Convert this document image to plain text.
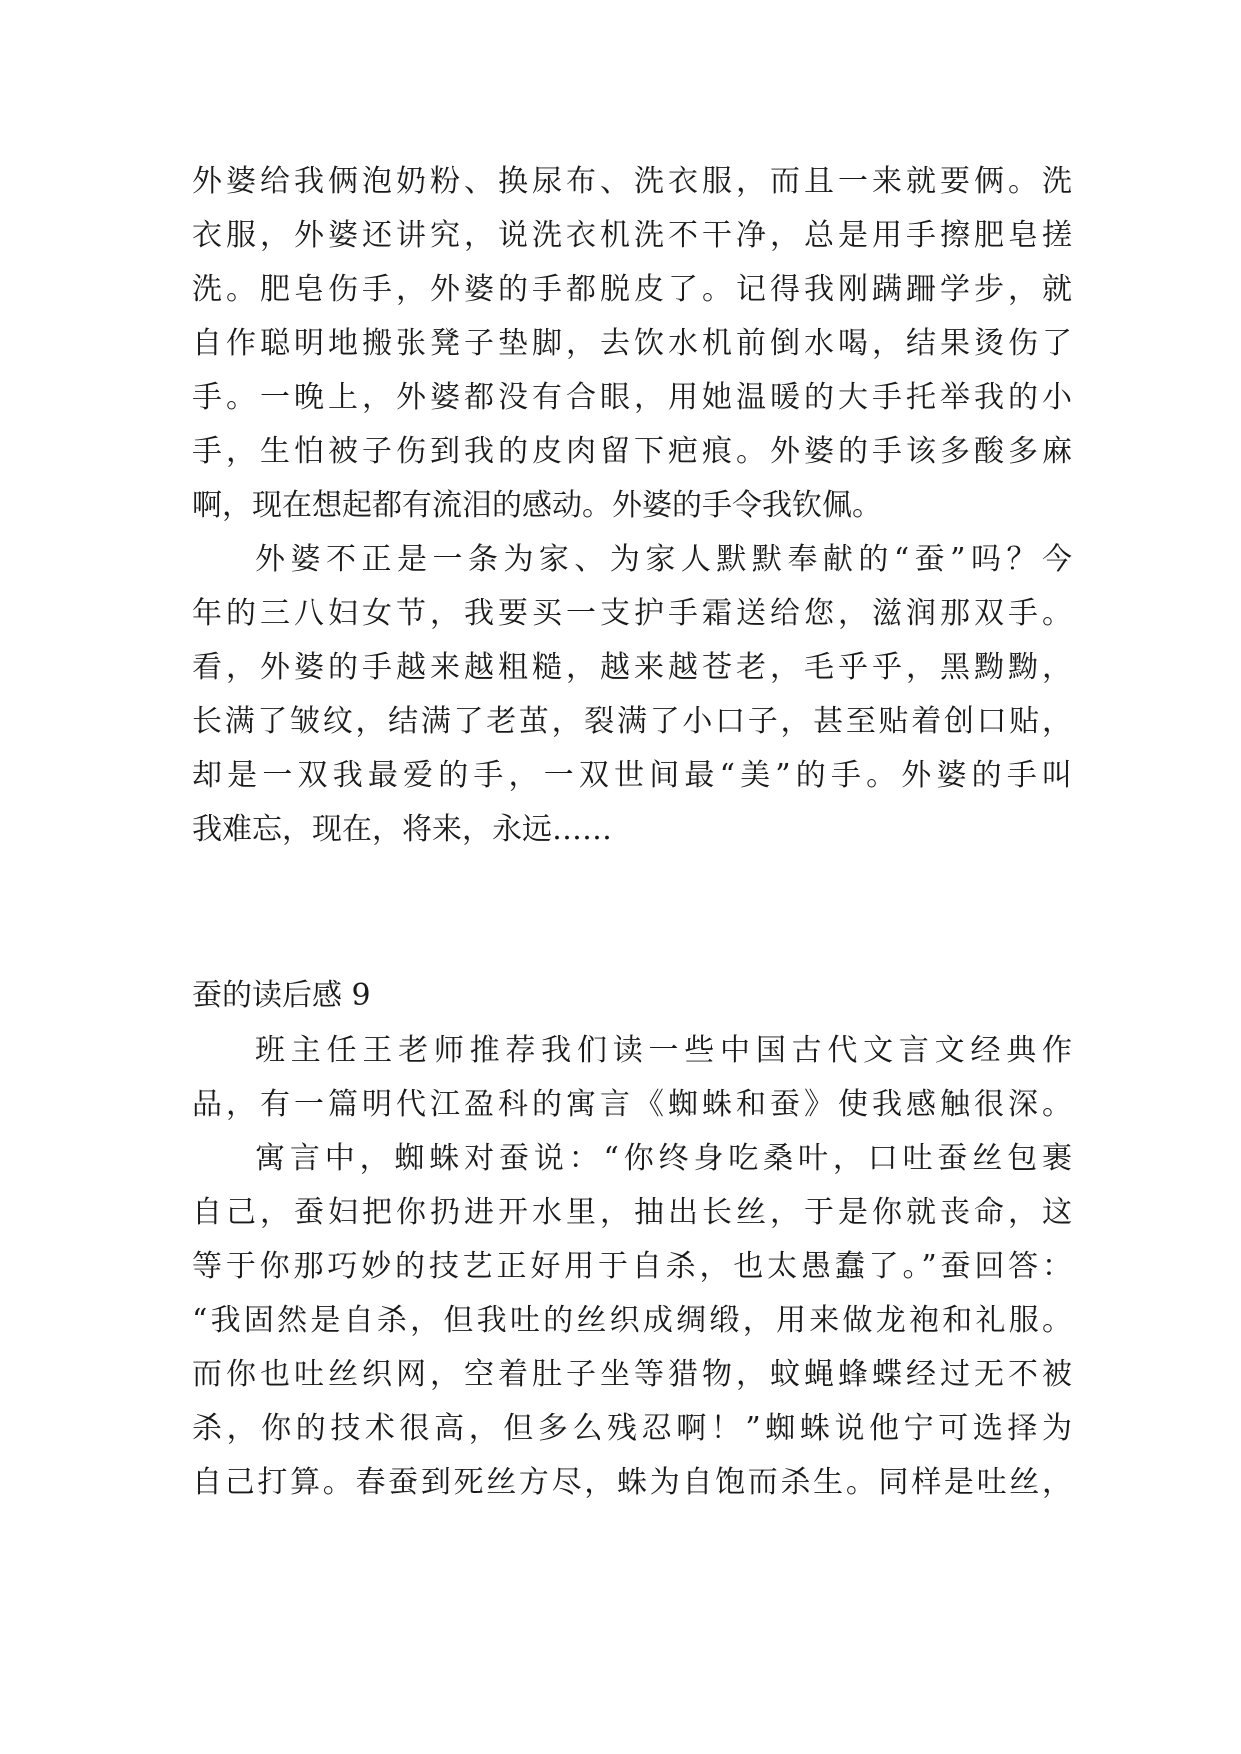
外婆给我俩泡奶粉、换尿布、洗衣服，而且一来就要俩。洗
衣服，外婆还讲究，说洗衣机洗不干净，总是用手擦肥皂搓
洗。肥皂伤手，外婆的手都脱皮了。记得我刚蹒跚学步，就
自作聪明地搬张凳子垫脚，去饮水机前倒水喝，结果烫伤了
手。一晚上，外婆都没有合眼，用她温暖的大手托举我的小
手，生怕被子伤到我的皮肉留下疤痕。外婆的手该多酸多麻
啊，现在想起都有流泪的感动。外婆的手令我钦佩。
外婆不正是一条为家、为家人默默奉献的“蚕”吗？今
年的三八妇女节，我要买一支护手霜送给您，滋润那双手。
看，外婆的手越来越粗糙，越来越苍老，毛乎乎，黑黝黝，
长满了皱纹，结满了老茧，裂满了小口子，甚至贴着创口贴，
却是一双我最爱的手，一双世间最“美”的手。外婆的手叫
我难忘，现在，将来，永远……
蚕的读后感 9
班主任王老师推荐我们读一些中国古代文言文经典作
品，有一篇明代江盈科的寓言《蜘蛛和蚕》使我感触很深。
寓言中，蜘蛛对蚕说：“你终身吃桑叶，口吐蚕丝包裹
自己，蚕妇把你扔进开水里，抽出长丝，于是你就丧命，这
等于你那巧妙的技艺正好用于自杀，也太愚蠢了。”蚕回答：
“我固然是自杀，但我吐的丝织成绸缎，用来做龙袍和礼服。
而你也吐丝织网，空着肚子坐等猎物，蚊蝇蜂蝶经过无不被
杀，你的技术很高，但多么残忍啊！”蜘蛛说他宁可选择为
自己打算。春蚕到死丝方尽，蛛为自饱而杀生。同样是吐丝，
